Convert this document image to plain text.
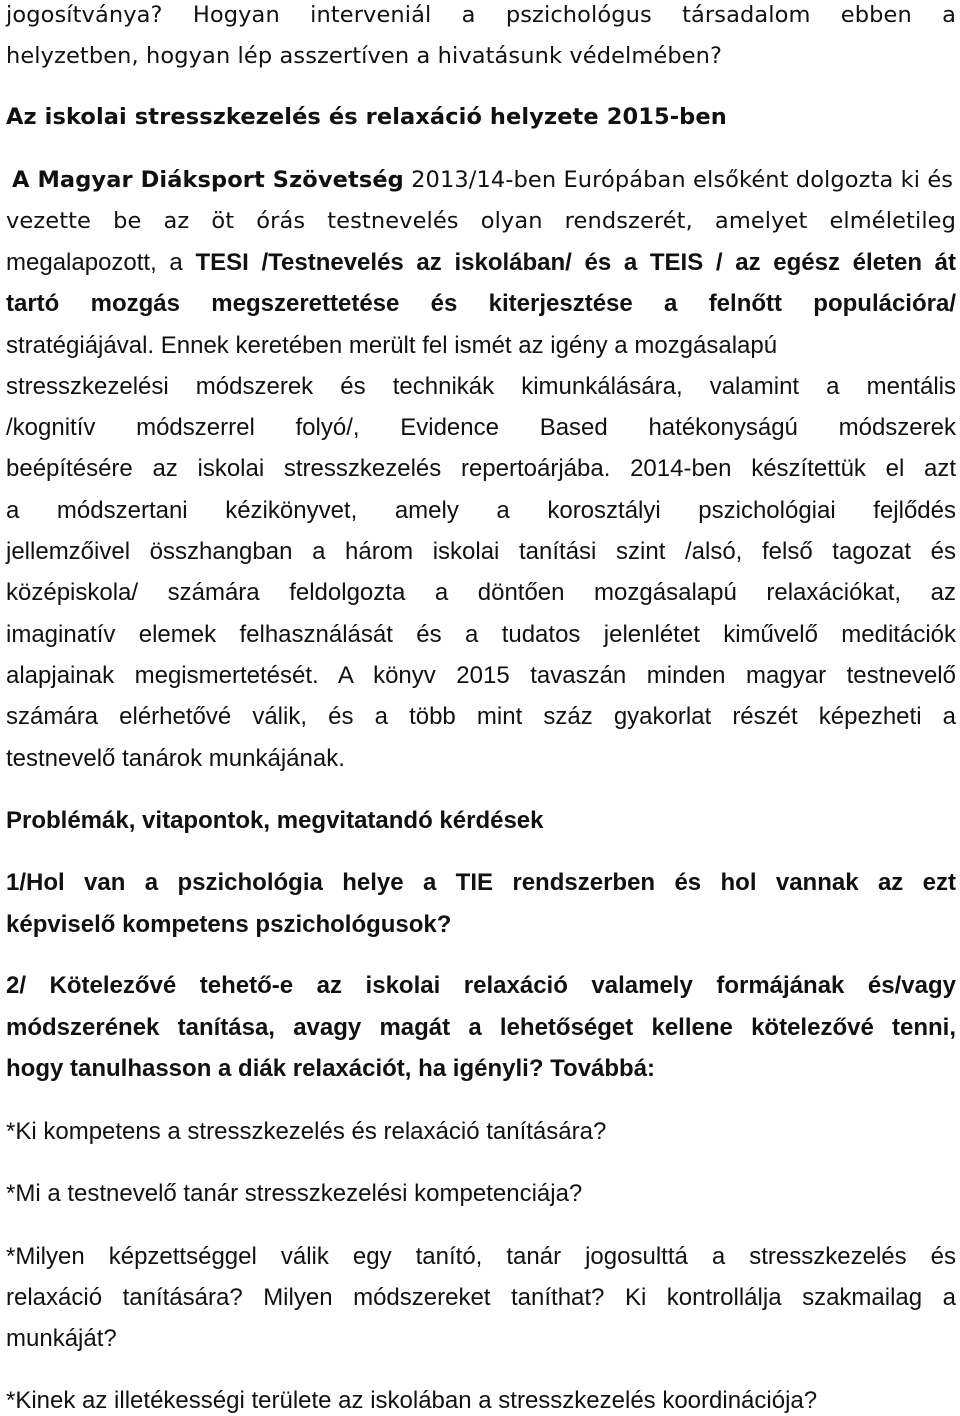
jogosítványa? Hogyan interveniál a pszichológus társadalom ebben a
helyzetben, hogyan lép asszertíven a hivatásunk védelmében?
Az iskolai stresszkezelés és relaxáció helyzete 2015-ben
A Magyar Diáksport Szövetség 2013/14-ben Európában elsőként dolgozta ki és
vezette be az öt órás testnevelés olyan rendszerét, amelyet elméletileg
megalapozott, a TESI /Testnevelés az iskolában/ és a TEIS / az egész életen át
tartó mozgás megszerettetése és kiterjesztése a felnőtt populációra/
stratégiájával. Ennek keretében merült fel ismét az igény a mozgásalapú
stresszkezelési módszerek és technikák kimunkálására, valamint a mentális
/kognitív módszerrel folyó/, Evidence Based hatékonyságú módszerek
beépítésére az iskolai stresszkezelés repertoárjába. 2014-ben készítettük el azt
a módszertani kézikönyvet, amely a korosztályi pszichológiai fejlődés
jellemzőivel összhangban a három iskolai tanítási szint /alsó, felső tagozat és
középiskola/ számára feldolgozta a döntően mozgásalapú relaxációkat, az
imaginatív elemek felhasználását és a tudatos jelenlétet kiművelő meditációk
alapjainak megismertetését. A könyv 2015 tavaszán minden magyar testnevelő
számára elérhetővé válik, és a több mint száz gyakorlat részét képezheti a
testnevelő tanárok munkájának.
Problémák, vitapontok, megvitatandó kérdések
1/Hol van a pszichológia helye a TIE rendszerben és hol vannak az ezt
képviselő kompetens pszichológusok?
2/ Kötelezővé tehető-e az iskolai relaxáció valamely formájának és/vagy
módszerének tanítása, avagy magát a lehetőséget kellene kötelezővé tenni,
hogy tanulhasson a diák relaxációt, ha igényli? Továbbá:
*Ki kompetens a stresszkezelés és relaxáció tanítására?
*Mi a testnevelő tanár stresszkezelési kompetenciája?
*Milyen képzettséggel válik egy tanító, tanár jogosulttá a stresszkezelés és
relaxáció tanítására? Milyen módszereket taníthat? Ki kontrollálja szakmailag a
munkáját?
*Kinek az illetékességi területe az iskolában a stresszkezelés koordinációja?
